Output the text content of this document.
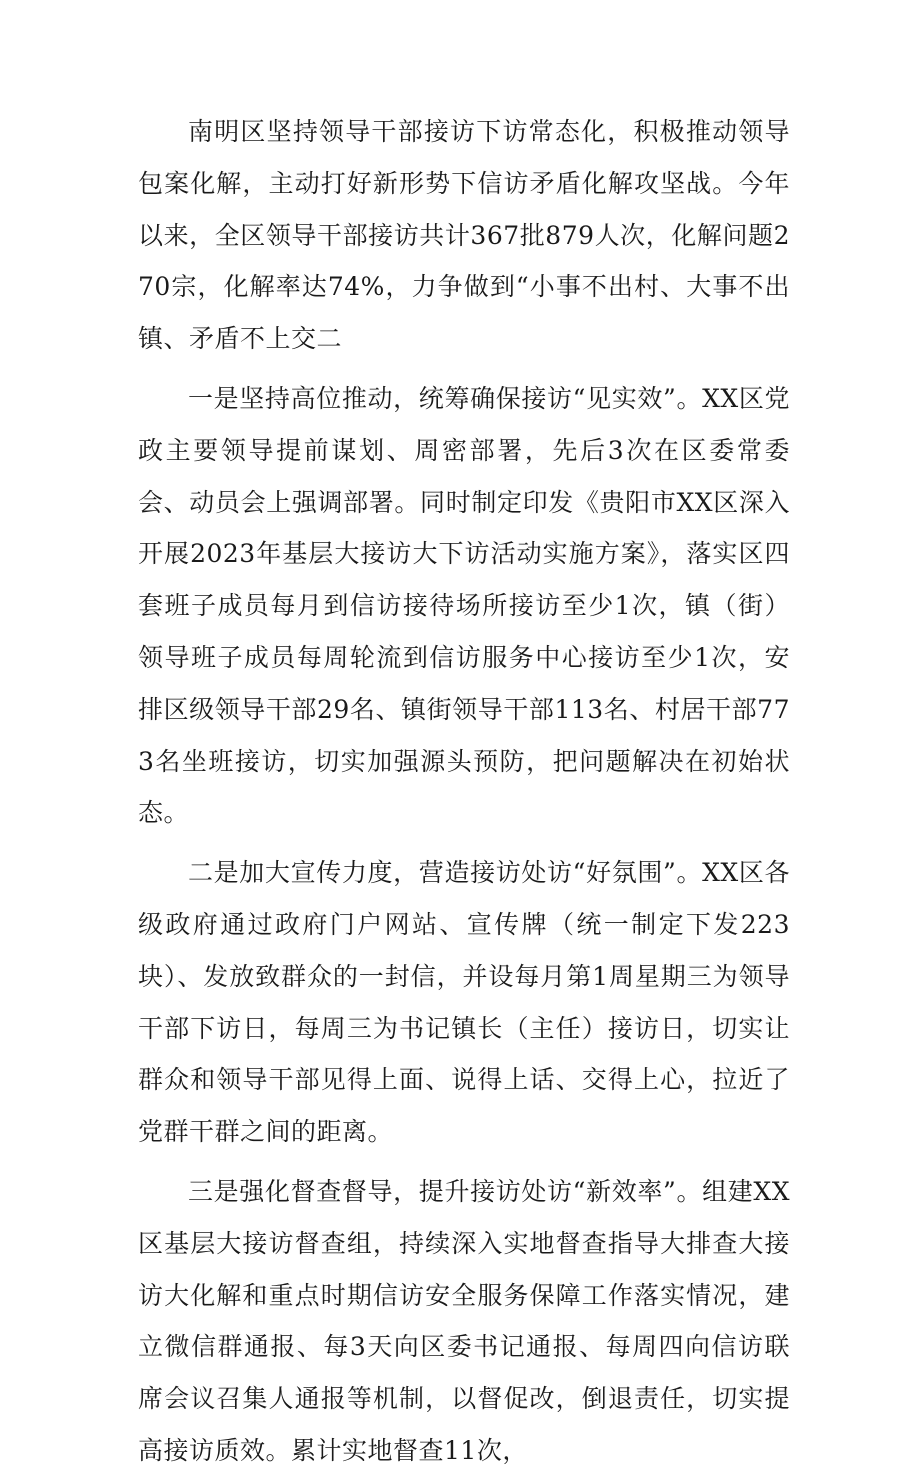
南明区坚持领导干部接访下访常态化，积极推动领导包案化解，主动打好新形势下信访矛盾化解攻坚战。今年以来，全区领导干部接访共计367批879人次，化解问题270宗，化解率达74%，力争做到“小事不出村、大事不出镇、矛盾不上交二

一是坚持高位推动，统筹确保接访“见实效”。XX区党政主要领导提前谋划、周密部署，先后3次在区委常委会、动员会上强调部署。同时制定印发《贵阳市XX区深入开展2023年基层大接访大下访活动实施方案》，落实区四套班子成员每月到信访接待场所接访至少1次，镇（街）领导班子成员每周轮流到信访服务中心接访至少1次，安排区级领导干部29名、镇街领导干部113名、村居干部773名坐班接访，切实加强源头预防，把问题解决在初始状态。

二是加大宣传力度，营造接访处访“好氛围”。XX区各级政府通过政府门户网站、宣传牌（统一制定下发223块）、发放致群众的一封信，并设每月第1周星期三为领导干部下访日，每周三为书记镇长（主任）接访日，切实让群众和领导干部见得上面、说得上话、交得上心，拉近了党群干群之间的距离。

三是强化督查督导，提升接访处访“新效率”。组建XX区基层大接访督查组，持续深入实地督查指导大排查大接访大化解和重点时期信访安全服务保障工作落实情况，建立微信群通报、每3天向区委书记通报、每周四向信访联席会议召集人通报等机制，以督促改，倒退责任，切实提高接访质效。累计实地督查11次，
